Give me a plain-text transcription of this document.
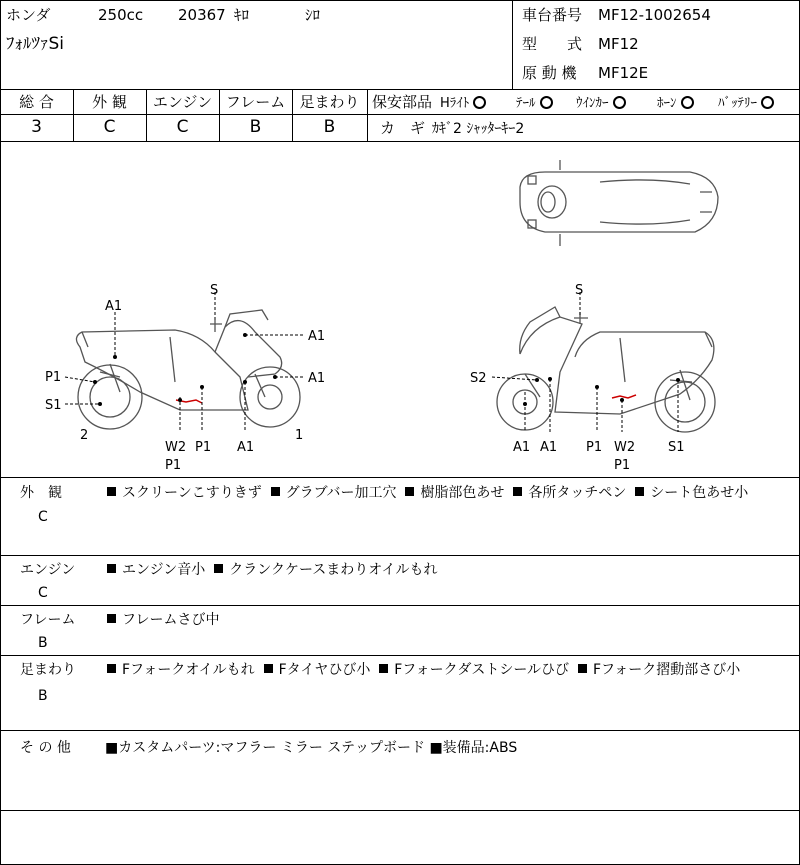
ホンダ	250cc 20367 ｷﾛ	ｼﾛ
ﾌｫﾙﾂｧSi
車台番号 MF12-1002654
型　　式 MF12
原 動 機 MF12E
総 合	外 観	エンジン フレーム 足まわり
3	C	C	B	B
保安部品 Hﾗｲﾄ	ﾃｰﾙ	ｳｲﾝｶｰ	ﾎｰﾝ	ﾊﾞｯﾃﾘｰ
カ　ギ ｶｷﾞ2 ｼｬｯﾀｰｷｰ2
S
A1
A1
A1
P1
S1
2
W2
P1
P1 A1
1
S
S2
A1 A1 P1 W2
P1
S1
外　観
C
スクリーンこすりきず グラブバー加工穴 樹脂部色あせ 各所タッチペン シート色あせ小
エンジン
C
エンジン音小 クランクケースまわりオイルもれ
フレーム
B
フレームさび中
足まわり
B
Fフォークオイルもれ Fタイヤひび小 Fフォークダストシールひび Fフォーク摺動部さび小
そ の 他 ■カスタムパーツ:マフラー ミラー ステップボード ■装備品:ABS
